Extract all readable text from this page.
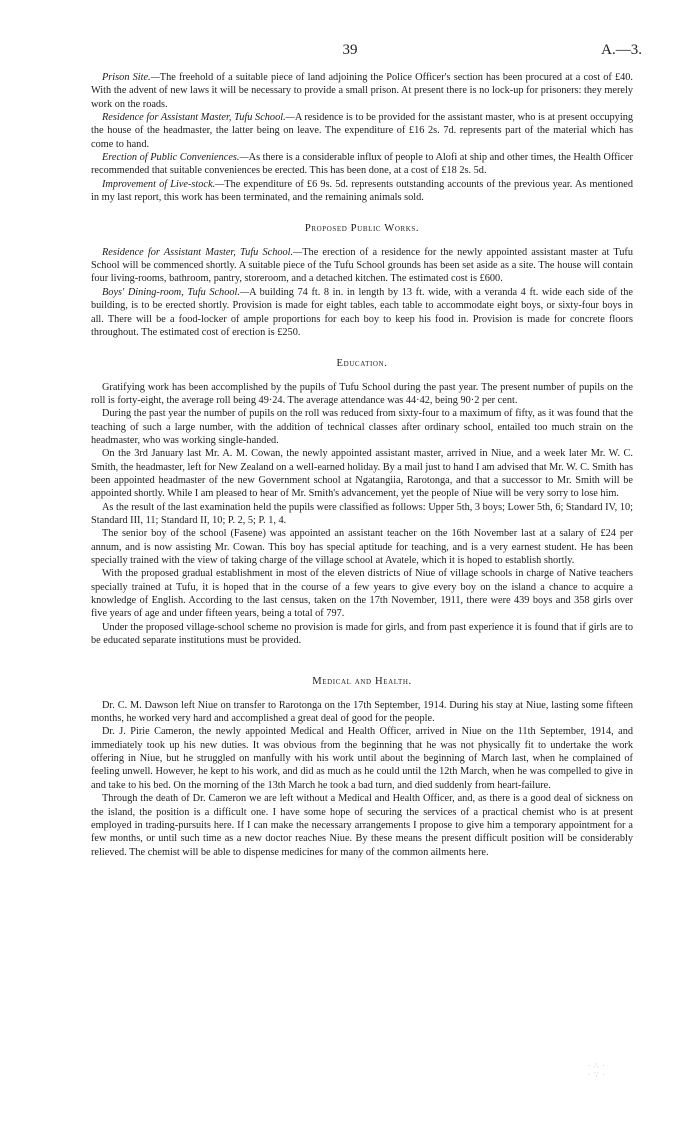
39	A.—3.

Prison Site.—The freehold of a suitable piece of land adjoining the Police Officer's section has been procured at a cost of £40. With the advent of new laws it will be necessary to provide a small prison. At present there is no lock-up for prisoners: they merely work on the roads.

Residence for Assistant Master, Tufu School.—A residence is to be provided for the assistant master, who is at present occupying the house of the headmaster, the latter being on leave. The expenditure of £16 2s. 7d. represents part of the material which has come to hand.

Erection of Public Conveniences.—As there is a considerable influx of people to Alofi at ship and other times, the Health Officer recommended that suitable conveniences be erected. This has been done, at a cost of £18 2s. 5d.

Improvement of Live-stock.—The expenditure of £6 9s. 5d. represents outstanding accounts of the previous year. As mentioned in my last report, this work has been terminated, and the remaining animals sold.

Proposed Public Works.

Residence for Assistant Master, Tufu School.—The erection of a residence for the newly appointed assistant master at Tufu School will be commenced shortly. A suitable piece of the Tufu School grounds has been set aside as a site. The house will contain four living-rooms, bathroom, pantry, storeroom, and a detached kitchen. The estimated cost is £600.

Boys' Dining-room, Tufu School.—A building 74 ft. 8 in. in length by 13 ft. wide, with a veranda 4 ft. wide each side of the building, is to be erected shortly. Provision is made for eight tables, each table to accommodate eight boys, or sixty-four boys in all. There will be a food-locker of ample proportions for each boy to keep his food in. Provision is made for concrete floors throughout. The estimated cost of erection is £250.

Education.

Gratifying work has been accomplished by the pupils of Tufu School during the past year. The present number of pupils on the roll is forty-eight, the average roll being 49·24. The average attendance was 44·42, being 90·2 per cent.

During the past year the number of pupils on the roll was reduced from sixty-four to a maximum of fifty, as it was found that the teaching of such a large number, with the addition of technical classes after ordinary school, entailed too much strain on the headmaster, who was working single-handed.

On the 3rd January last Mr. A. M. Cowan, the newly appointed assistant master, arrived in Niue, and a week later Mr. W. C. Smith, the headmaster, left for New Zealand on a well-earned holiday. By a mail just to hand I am advised that Mr. W. C. Smith has been appointed headmaster of the new Government school at Ngatangiia, Rarotonga, and that a successor to Mr. Smith will be appointed shortly. While I am pleased to hear of Mr. Smith's advancement, yet the people of Niue will be very sorry to lose him.

As the result of the last examination held the pupils were classified as follows: Upper 5th, 3 boys; Lower 5th, 6; Standard IV, 10; Standard III, 11; Standard II, 10; P. 2, 5; P. 1, 4.

The senior boy of the school (Fasene) was appointed an assistant teacher on the 16th November last at a salary of £24 per annum, and is now assisting Mr. Cowan. This boy has special aptitude for teaching, and is a very earnest student. He has been specially trained with the view of taking charge of the village school at Avatele, which it is hoped to establish shortly.

With the proposed gradual establishment in most of the eleven districts of Niue of village schools in charge of Native teachers specially trained at Tufu, it is hoped that in the course of a few years to give every boy on the island a chance to acquire a knowledge of English. According to the last census, taken on the 17th November, 1911, there were 439 boys and 358 girls over five years of age and under fifteen years, being a total of 797.

Under the proposed village-school scheme no provision is made for girls, and from past experience it is found that if girls are to be educated separate institutions must be provided.

Medical and Health.

Dr. C. M. Dawson left Niue on transfer to Rarotonga on the 17th September, 1914. During his stay at Niue, lasting some fifteen months, he worked very hard and accomplished a great deal of good for the people.

Dr. J. Pirie Cameron, the newly appointed Medical and Health Officer, arrived in Niue on the 11th September, 1914, and immediately took up his new duties. It was obvious from the beginning that he was not physically fit to undertake the work offering in Niue, but he struggled on manfully with his work until about the beginning of March last, when he complained of feeling unwell. However, he kept to his work, and did as much as he could until the 12th March, when he was compelled to give in and take to his bed. On the morning of the 13th March he took a bad turn, and died suddenly from heart-failure.

Through the death of Dr. Cameron we are left without a Medical and Health Officer, and, as there is a good deal of sickness on the island, the position is a difficult one. I have some hope of securing the services of a practical chemist who is at present employed in trading-pursuits here. If I can make the necessary arrangements I propose to give him a temporary appointment for a few months, or until such time as a new doctor reaches Niue. By these means the present difficult position will be considerably relieved. The chemist will be able to dispense medicines for many of the common ailments here.

· ∴ ·
· ∵ ·
